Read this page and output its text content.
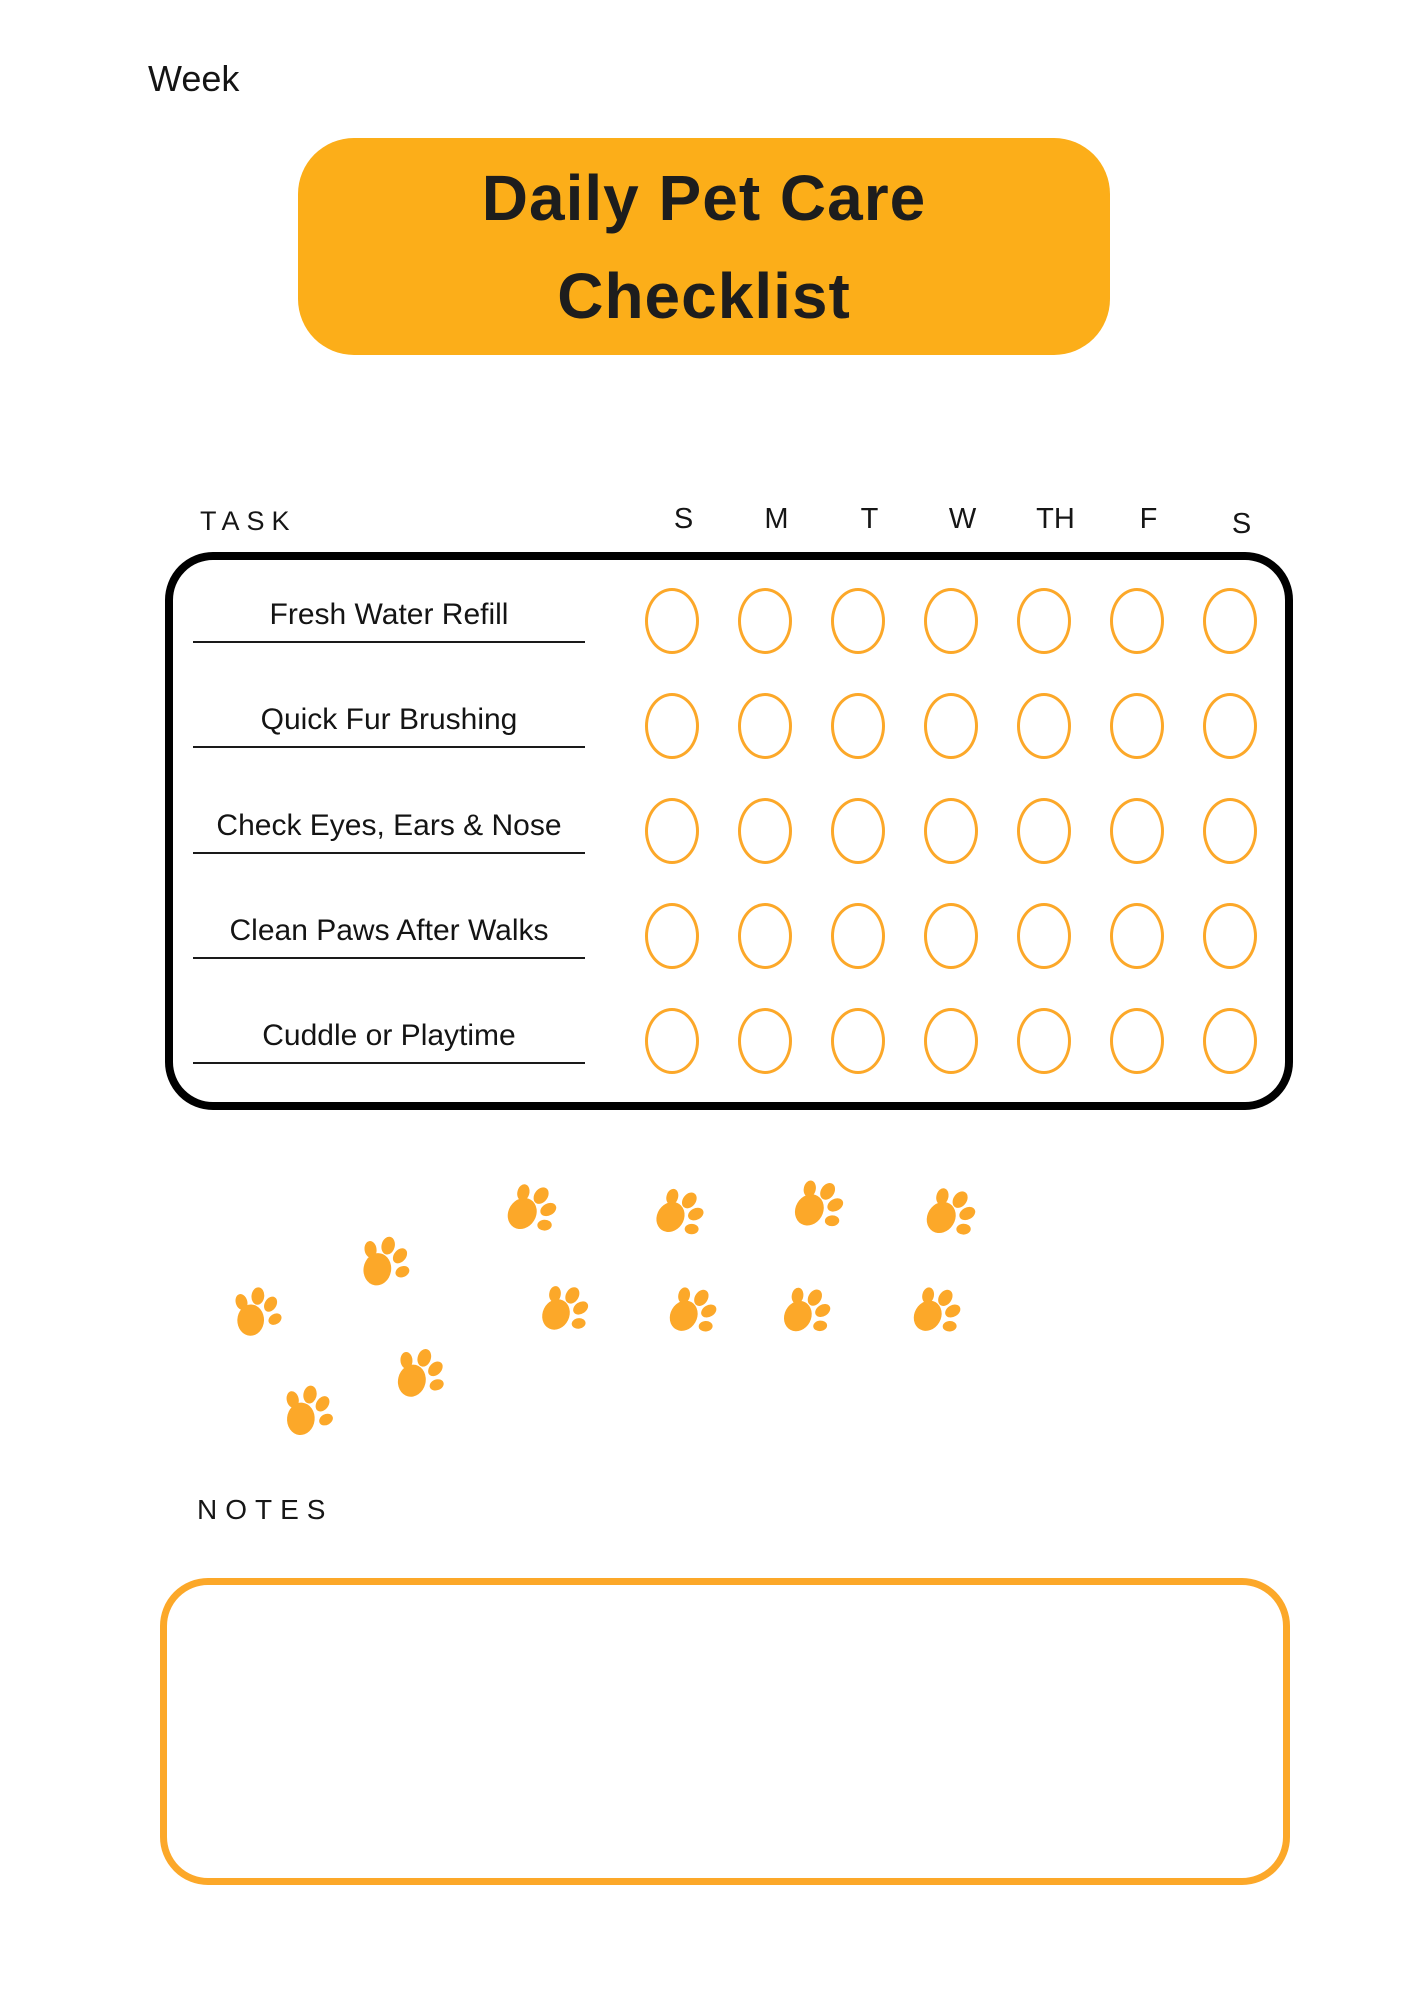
Week
Daily Pet Care
Checklist
TASK	S	M	T	W	TH	F	S
Fresh Water Refill
Quick Fur Brushing
Check Eyes, Ears & Nose
Clean Paws After Walks
Cuddle or Playtime
NOTES
